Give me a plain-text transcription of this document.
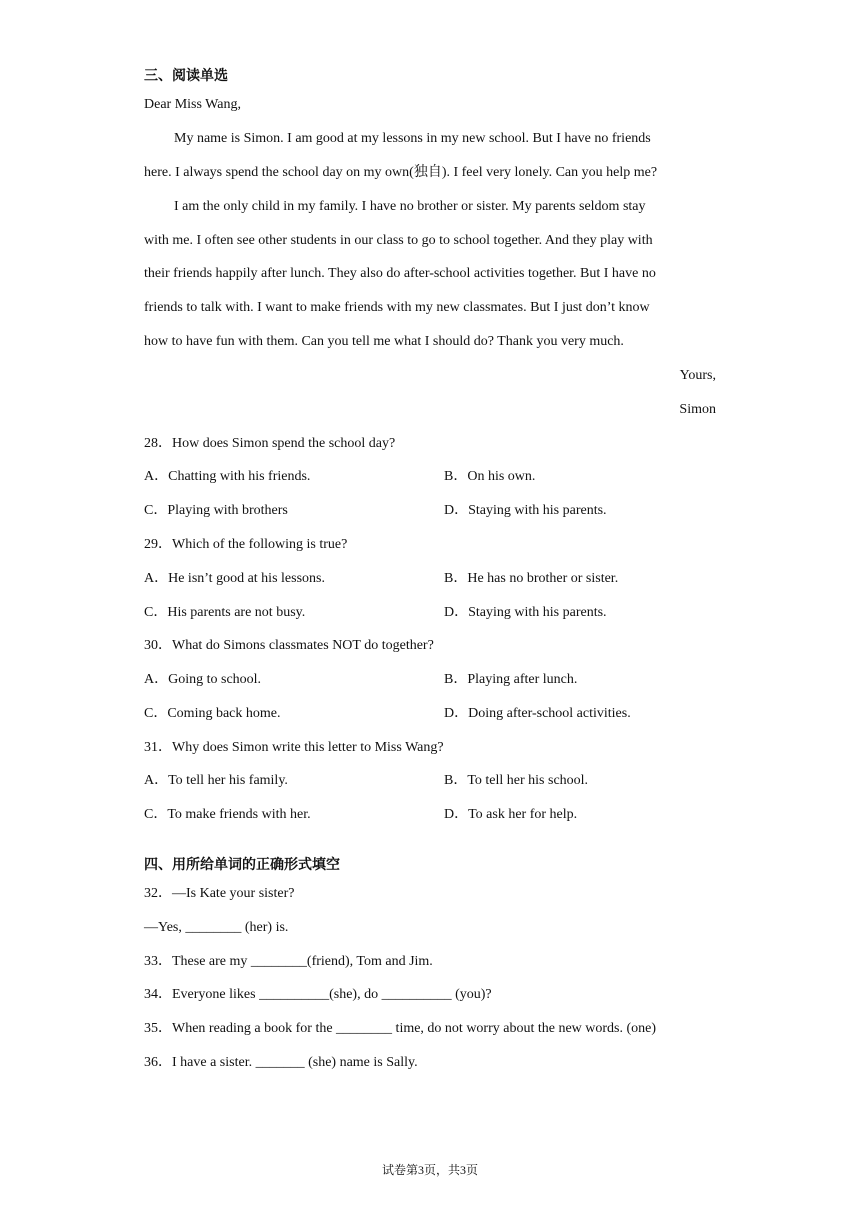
三、阅读单选
Dear Miss Wang,
My name is Simon. I am good at my lessons in my new school. But I have no friends
here. I always spend the school day on my own(独自). I feel very lonely. Can you help me?
I am the only child in my family. I have no brother or sister. My parents seldom stay
with me. I often see other students in our class to go to school together. And they play with
their friends happily after lunch. They also do after-school activities together. But I have no
friends to talk with. I want to make friends with my new classmates. But I just don’t know
how to have fun with them. Can you tell me what I should do? Thank you very much.
Yours,
Simon
28．How does Simon spend the school day?
A．Chatting with his friends.	B．On his own.
C．Playing with brothers	D．Staying with his parents.
29．Which of the following is true?
A．He isn’t good at his lessons.	B．He has no brother or sister.
C．His parents are not busy.	D．Staying with his parents.
30．What do Simons classmates NOT do together?
A．Going to school.	B．Playing after lunch.
C．Coming back home.	D．Doing after-school activities.
31．Why does Simon write this letter to Miss Wang?
A．To tell her his family.	B．To tell her his school.
C．To make friends with her.	D．To ask her for help.
四、用所给单词的正确形式填空
32．—Is Kate your sister?
—Yes, ________ (her) is.
33．These are my ________(friend), Tom and Jim.
34．Everyone likes __________(she), do __________ (you)?
35．When reading a book for the ________ time, do not worry about the new words. (one)
36．I have a sister. _______ (she) name is Sally.
试卷第3页，共3页
